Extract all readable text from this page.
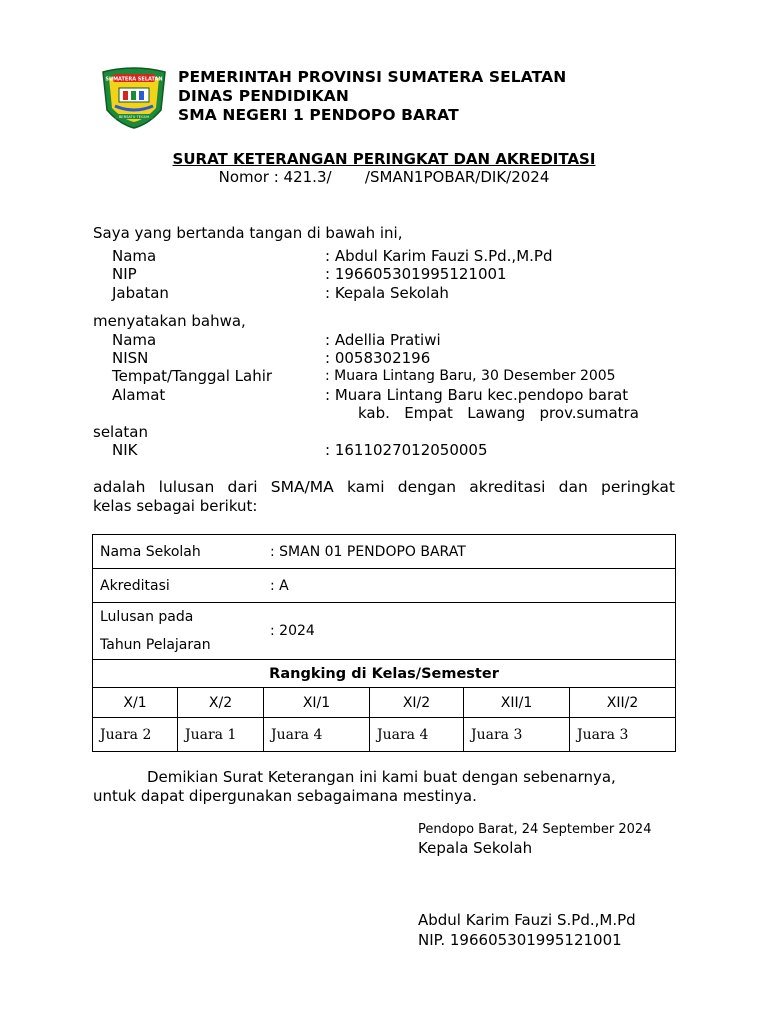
SUMATERA SELATAN
BERSATU TEGUH
PEMERINTAH PROVINSI SUMATERA SELATAN
DINAS PENDIDIKAN
SMA NEGERI 1 PENDOPO BARAT
SURAT KETERANGAN PERINGKAT DAN AKREDITASI
Nomor : 421.3/       /SMAN1POBAR/DIK/2024
Saya yang bertanda tangan di bawah ini,
Nama	: Abdul Karim Fauzi S.Pd.,M.Pd
NIP	: 196605301995121001
Jabatan	: Kepala Sekolah
menyatakan bahwa,
Nama	: Adellia Pratiwi
NISN	: 0058302196
Tempat/Tanggal Lahir	: Muara Lintang Baru, 30 Desember 2005
Alamat	: Muara Lintang Baru kec.pendopo barat
kab.   Empat   Lawang   prov.sumatra
selatan
NIK	: 1611027012050005
adalah lulusan dari SMA/MA kami dengan akreditasi dan peringkat
kelas sebagai berikut:
Nama Sekolah : SMAN 01 PENDOPO BARAT					
Akreditasi : A					

Lulusan pada
Tahun Pelajaran
: 2024					

Rangking di Kelas/Semester					
X/1	X/2	XI/1	XI/2	XII/1	XII/2
Juara 2	Juara 1	Juara 4	Juara 4	Juara 3	Juara 3
Demikian Surat Keterangan ini kami buat dengan sebenarnya,
untuk dapat dipergunakan sebagaimana mestinya.
Pendopo Barat, 24 September 2024
Kepala Sekolah
Abdul Karim Fauzi S.Pd.,M.Pd
NIP. 196605301995121001
